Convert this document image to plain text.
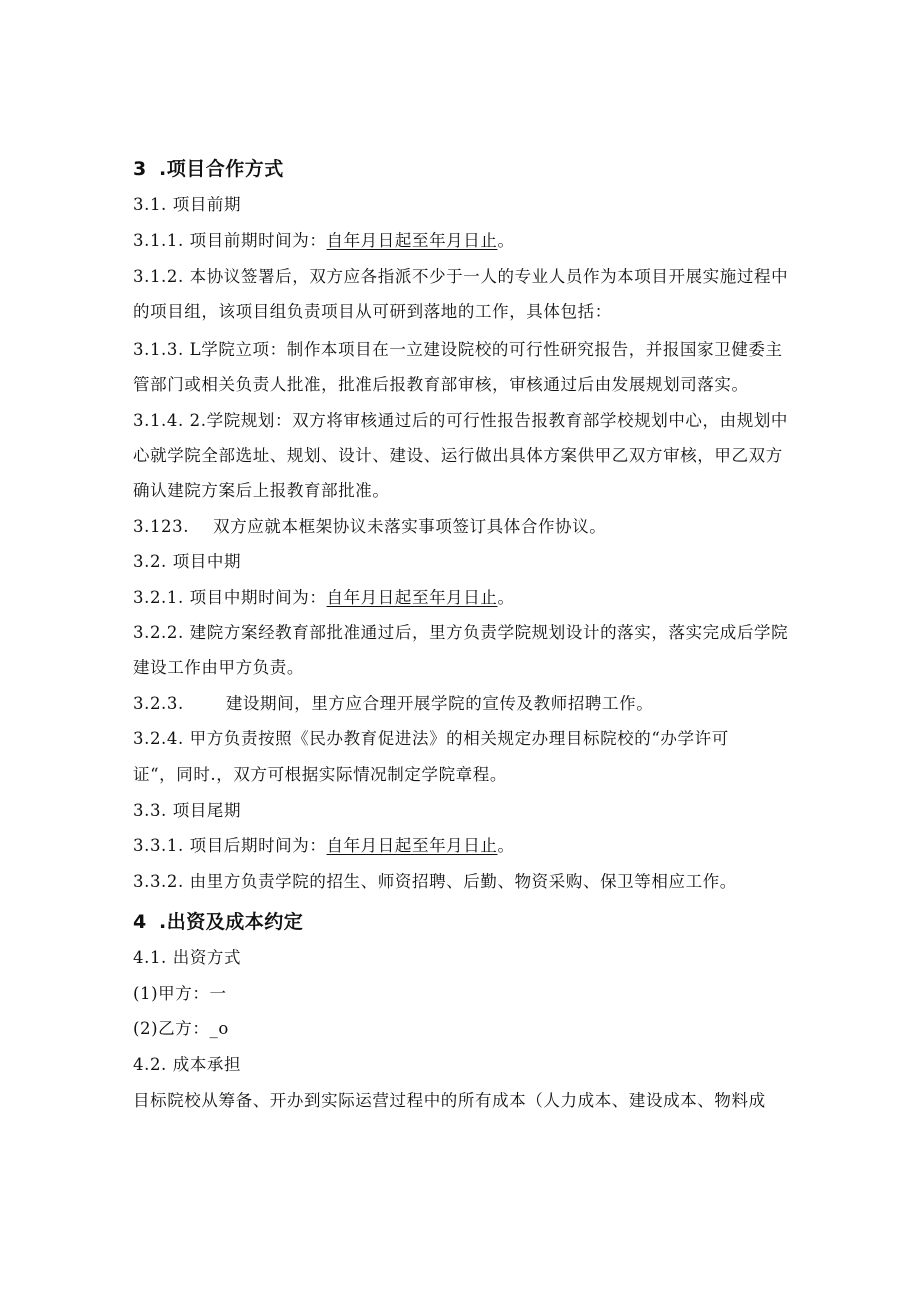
3 .项目合作方式
3.1. 项目前期
3.1.1. 项目前期时间为：自年月日起至年月日止。
3.1.2. 本协议签署后，双方应各指派不少于一人的专业人员作为本项目开展实施过程中
的项目组，该项目组负责项目从可研到落地的工作，具体包括：
3.1.3. L学院立项：制作本项目在一立建设院校的可行性研究报告，并报国家卫健委主
管部门或相关负责人批准，批准后报教育部审核，审核通过后由发展规划司落实。
3.1.4. 2.学院规划：双方将审核通过后的可行性报告报教育部学校规划中心，由规划中
心就学院全部选址、规划、设计、建设、运行做出具体方案供甲乙双方审核，甲乙双方
确认建院方案后上报教育部批准。
3.123. 双方应就本框架协议未落实事项签订具体合作协议。
3.2. 项目中期
3.2.1. 项目中期时间为：自年月日起至年月日止。
3.2.2. 建院方案经教育部批准通过后，里方负责学院规划设计的落实，落实完成后学院
建设工作由甲方负责。
3.2.3.	建设期间，里方应合理开展学院的宣传及教师招聘工作。
3.2.4. 甲方负责按照《民办教育促进法》的相关规定办理目标院校的“办学许可
证“，同时.，双方可根据实际情况制定学院章程。
3.3. 项目尾期
3.3.1. 项目后期时间为：自年月日起至年月日止。
3.3.2. 由里方负责学院的招生、师资招聘、后勤、物资采购、保卫等相应工作。
4 .出资及成本约定
4.1. 出资方式
(1)甲方：一
(2)乙方：_o
4.2. 成本承担
目标院校从筹备、开办到实际运营过程中的所有成本（人力成本、建设成本、物料成
